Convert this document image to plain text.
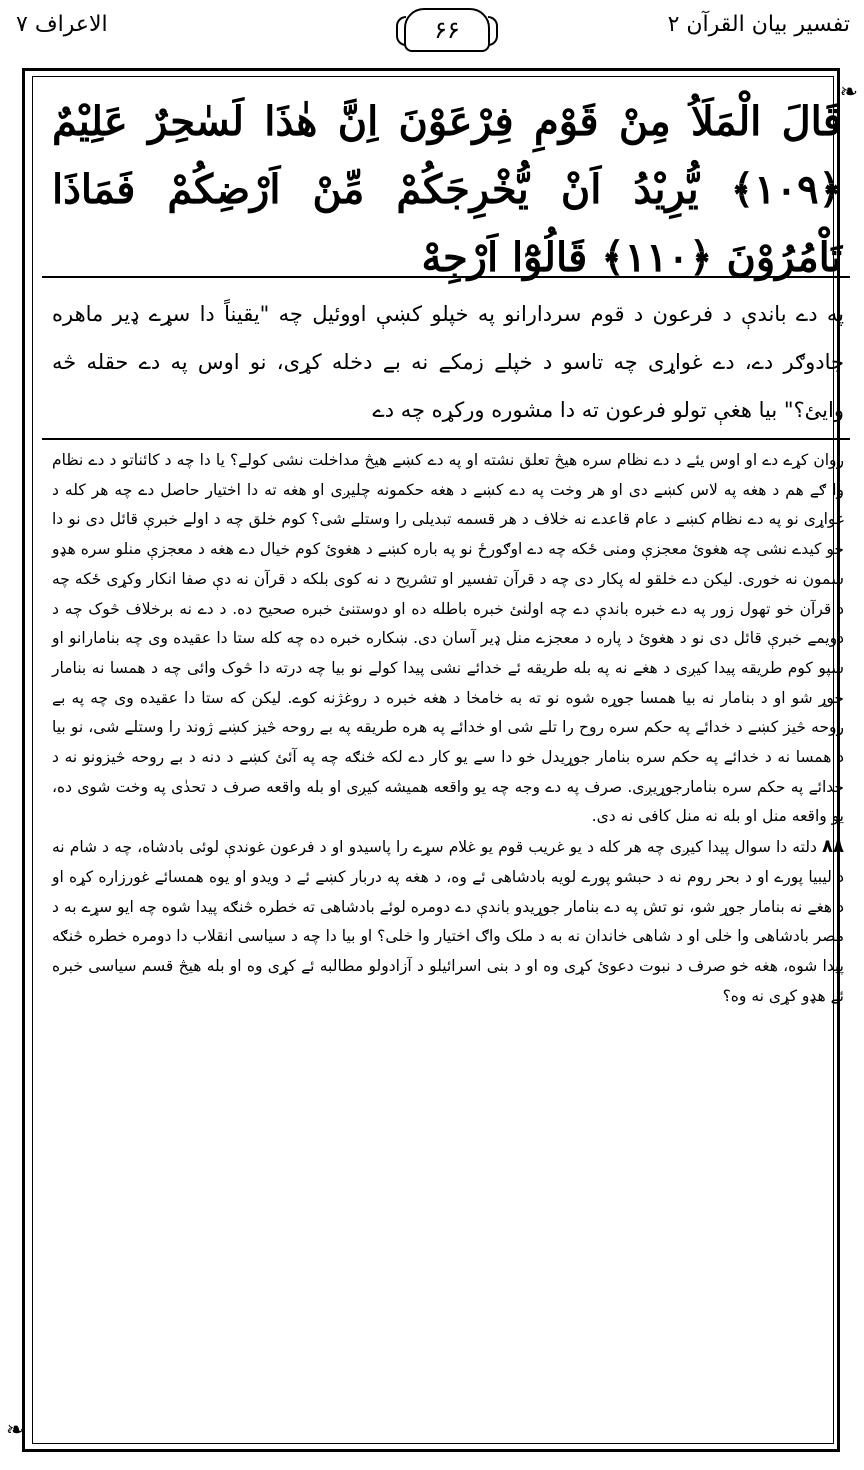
الاعراف ۷	۶۶	تفسیر بیان القرآن ۲
❧
❧
قَالَ الْمَلَاُ مِنْ قَوْمِ فِرْعَوْنَ اِنَّ هٰذَا لَسٰحِرٌ عَلِيْمٌ ﴿۱۰۹﴾ يُّرِيْدُ اَنْ يُّخْرِجَكُمْ مِّنْ اَرْضِكُمْ فَمَاذَا تَاْمُرُوْنَ ﴿۱۱۰﴾ قَالُوْٓا اَرْجِهْ
په دے باندې د فرعون د قوم سردارانو په خپلو کښې اووئیل چه "یقیناً دا سړے ډیر ماهره جادوګر دے، دے غواړی چه تاسو د خپلے زمکے نه بے دخله کړی، نو اوس په دے حقله څه وایئ؟" بیا هغې تولو فرعون ته دا مشوره ورکړه چه دے

روان کړے دے او اوس یئے د دے نظام سره هیڅ تعلق نشته او په دے کښے هیڅ مداخلت نشی کولے؟ یا دا چه د کائناتو د دے نظام وا ګے هم د هغه په لاس کښے دی او هر وخت په دے کښے د هغه حکمونه چلیږی او هغه ته دا اختیار حاصل دے چه هر کله د غواړی نو په دے نظام کښے د عام قاعدے نه خلاف د هر قسمه تبدیلی را وستلے شی؟ کوم خلق چه د اولے خبرې قائل دی نو دا خو کیدے نشی چه هغوئ معجزې ومنی ځکه چه دے اوګورځ نو په باره کښے د هغوئ کوم خیال دے هغه د معجزې منلو سره هډو سمون نه خوری. لیکن دے خلقو له پکار دی چه د قرآن تفسیر او تشریح د نه کوی بلکه د قرآن نه دې صفا انکار وکړی ځکه چه د قرآن خو تهول زور په دے خبره باندې دے چه اولنئ خبره باطله ده او دوستنئ خبره صحیح ده. د دے نه برخلاف څوک چه د دویمے خبرې قائل دی نو د هغوئ د پاره د معجزے منل ډیر آسان دی. ښکاره خبره ده چه کله ستا دا عقیده وی چه بنامارانو او سپو کوم طریقه پیدا کیږی د هغے نه په بله طریقه ئے خدائے نشی پیدا کولے نو بیا چه درته دا څوک وائی چه د همسا نه بنامار جوړ شو او د بنامار نه بیا همسا جوړه شوه نو ته به خامخا د هغه خبره د روغژنه کوے. لیکن که ستا دا عقیده وی چه په بے روحه څیز کښے د خدائے په حکم سره روح را تلے شی او خدائے په هره طریقه په بے روحه څیز کښے ژوند را وستلے شی، نو بیا د همسا نه د خدائے په حکم سره بنامار جوړیدل خو دا سے یو کار دے لکه څنګه چه په آئئ کښے د دنه د بے روحه څیزونو نه د خدائے په حکم سره بنامارجوړیږی. صرف په دے وجه چه یو واقعه همیشه کیږی او بله واقعه صرف د تحدٰی په وخت شوی ده، یو واقعه منل او بله نه منل کافی نه دی.

۸۸ دلته دا سوال پیدا کیږی چه هر کله د یو غریب قوم یو غلام سړے را پاسیدو او د فرعون غوندې لوئی بادشاه، چه د شام نه د لیبیا پورے او د بحر روم نه د حبشو پورے لویه بادشاهی ئے وه، د هغه په دربار کښے ئے د ویدو او یوه همسائے غورزاره کړه او د هغے نه بنامار جوړ شو، نو تش په دے بنامار جوړیدو باندې دے دومره لوئے بادشاهی ته خطره څنګه پیدا شوه چه ایو سړے به د مصر بادشاهی وا خلی او د شاهی خاندان نه به د ملک واګ اختیار وا خلی؟ او بیا دا چه د سیاسی انقلاب دا دومره خطره څنګه پیدا شوه، هغه خو صرف د نبوت دعوئ کړی وه او د بنی اسرائیلو د آزادولو مطالبه ئے کړی وه او بله هیڅ قسم سیاسی خبره ئے هډو کړی نه وه؟
